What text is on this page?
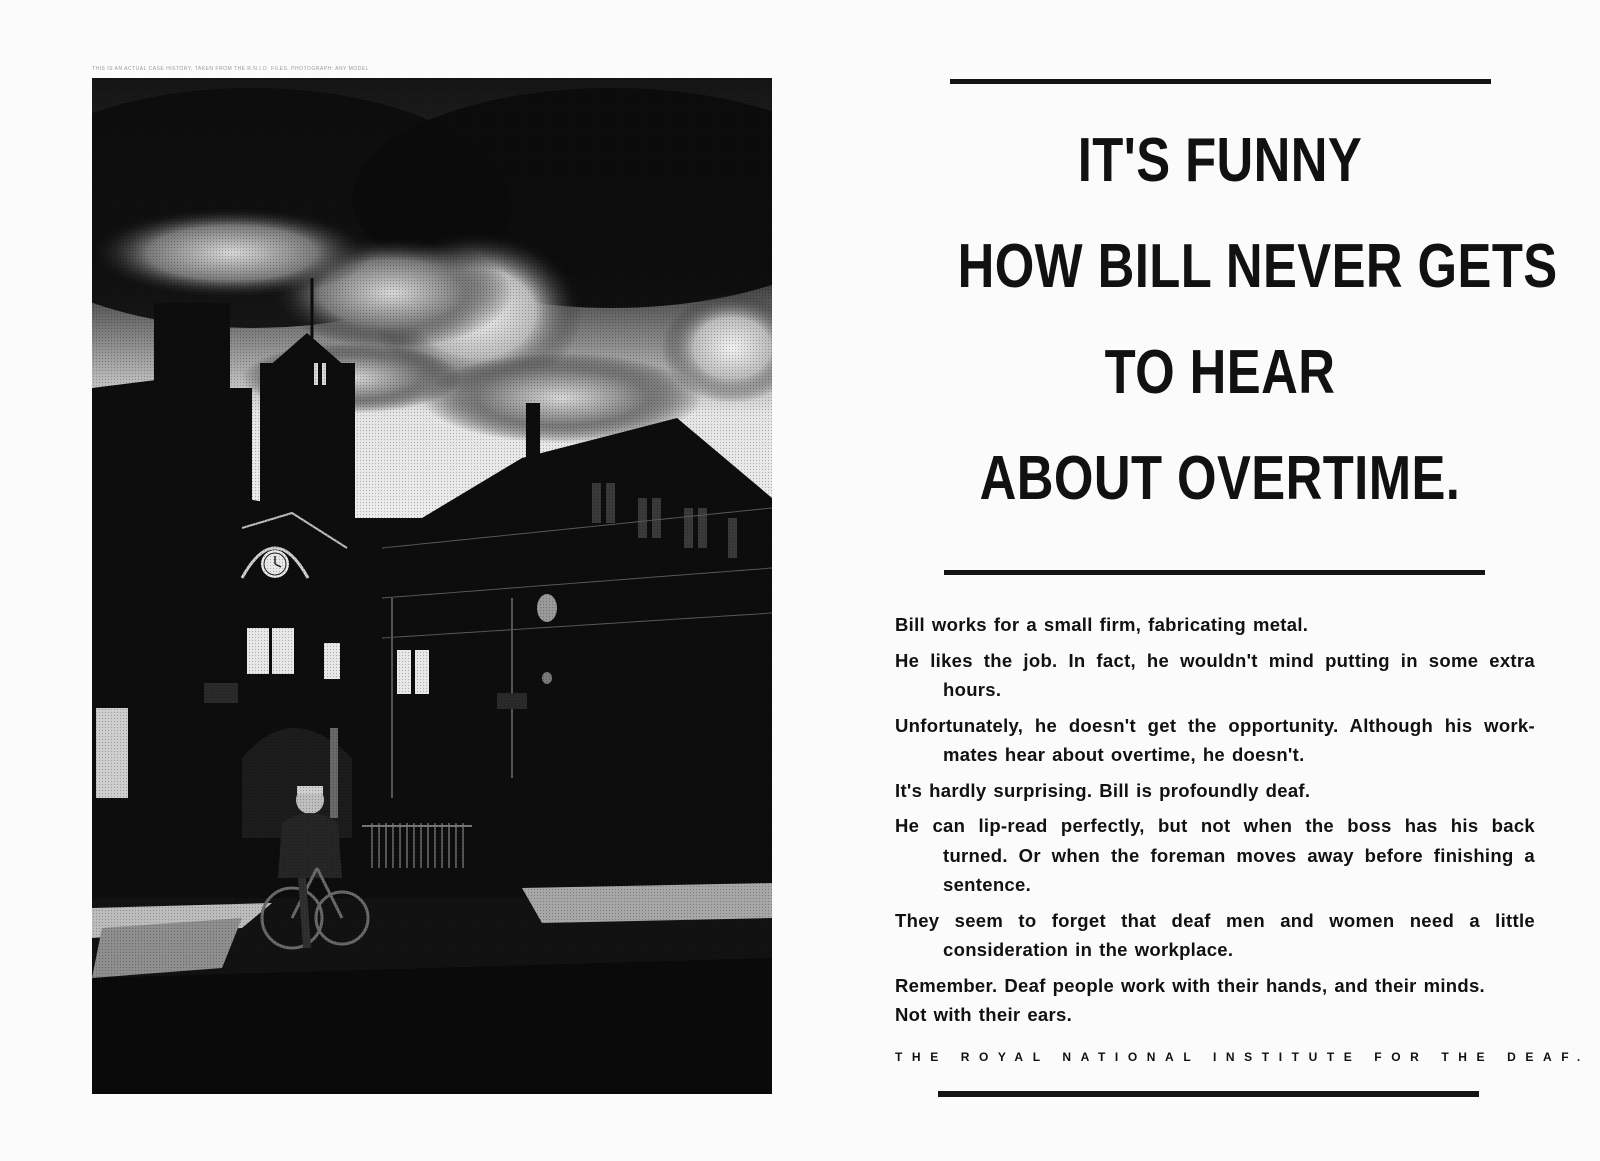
THIS IS AN ACTUAL CASE HISTORY, TAKEN FROM THE R.N.I.D. FILES. PHOTOGRAPH: ANY MODEL
IT'S FUNNY
HOW BILL NEVER GETS
TO HEAR
ABOUT OVERTIME.
Bill works for a small firm, fabricating metal.
He likes the job. In fact, he wouldn't mind putting in some extra hours.
Unfortunately, he doesn't get the opportunity. Although his work-mates hear about overtime, he doesn't.
It's hardly surprising. Bill is profoundly deaf.
He can lip-read perfectly, but not when the boss has his back turned. Or when the foreman moves away before finishing a sentence.
They seem to forget that deaf men and women need a little consideration in the workplace.
Remember. Deaf people work with their hands, and their minds.
Not with their ears.
THE ROYAL NATIONAL INSTITUTE FOR THE DEAF.
